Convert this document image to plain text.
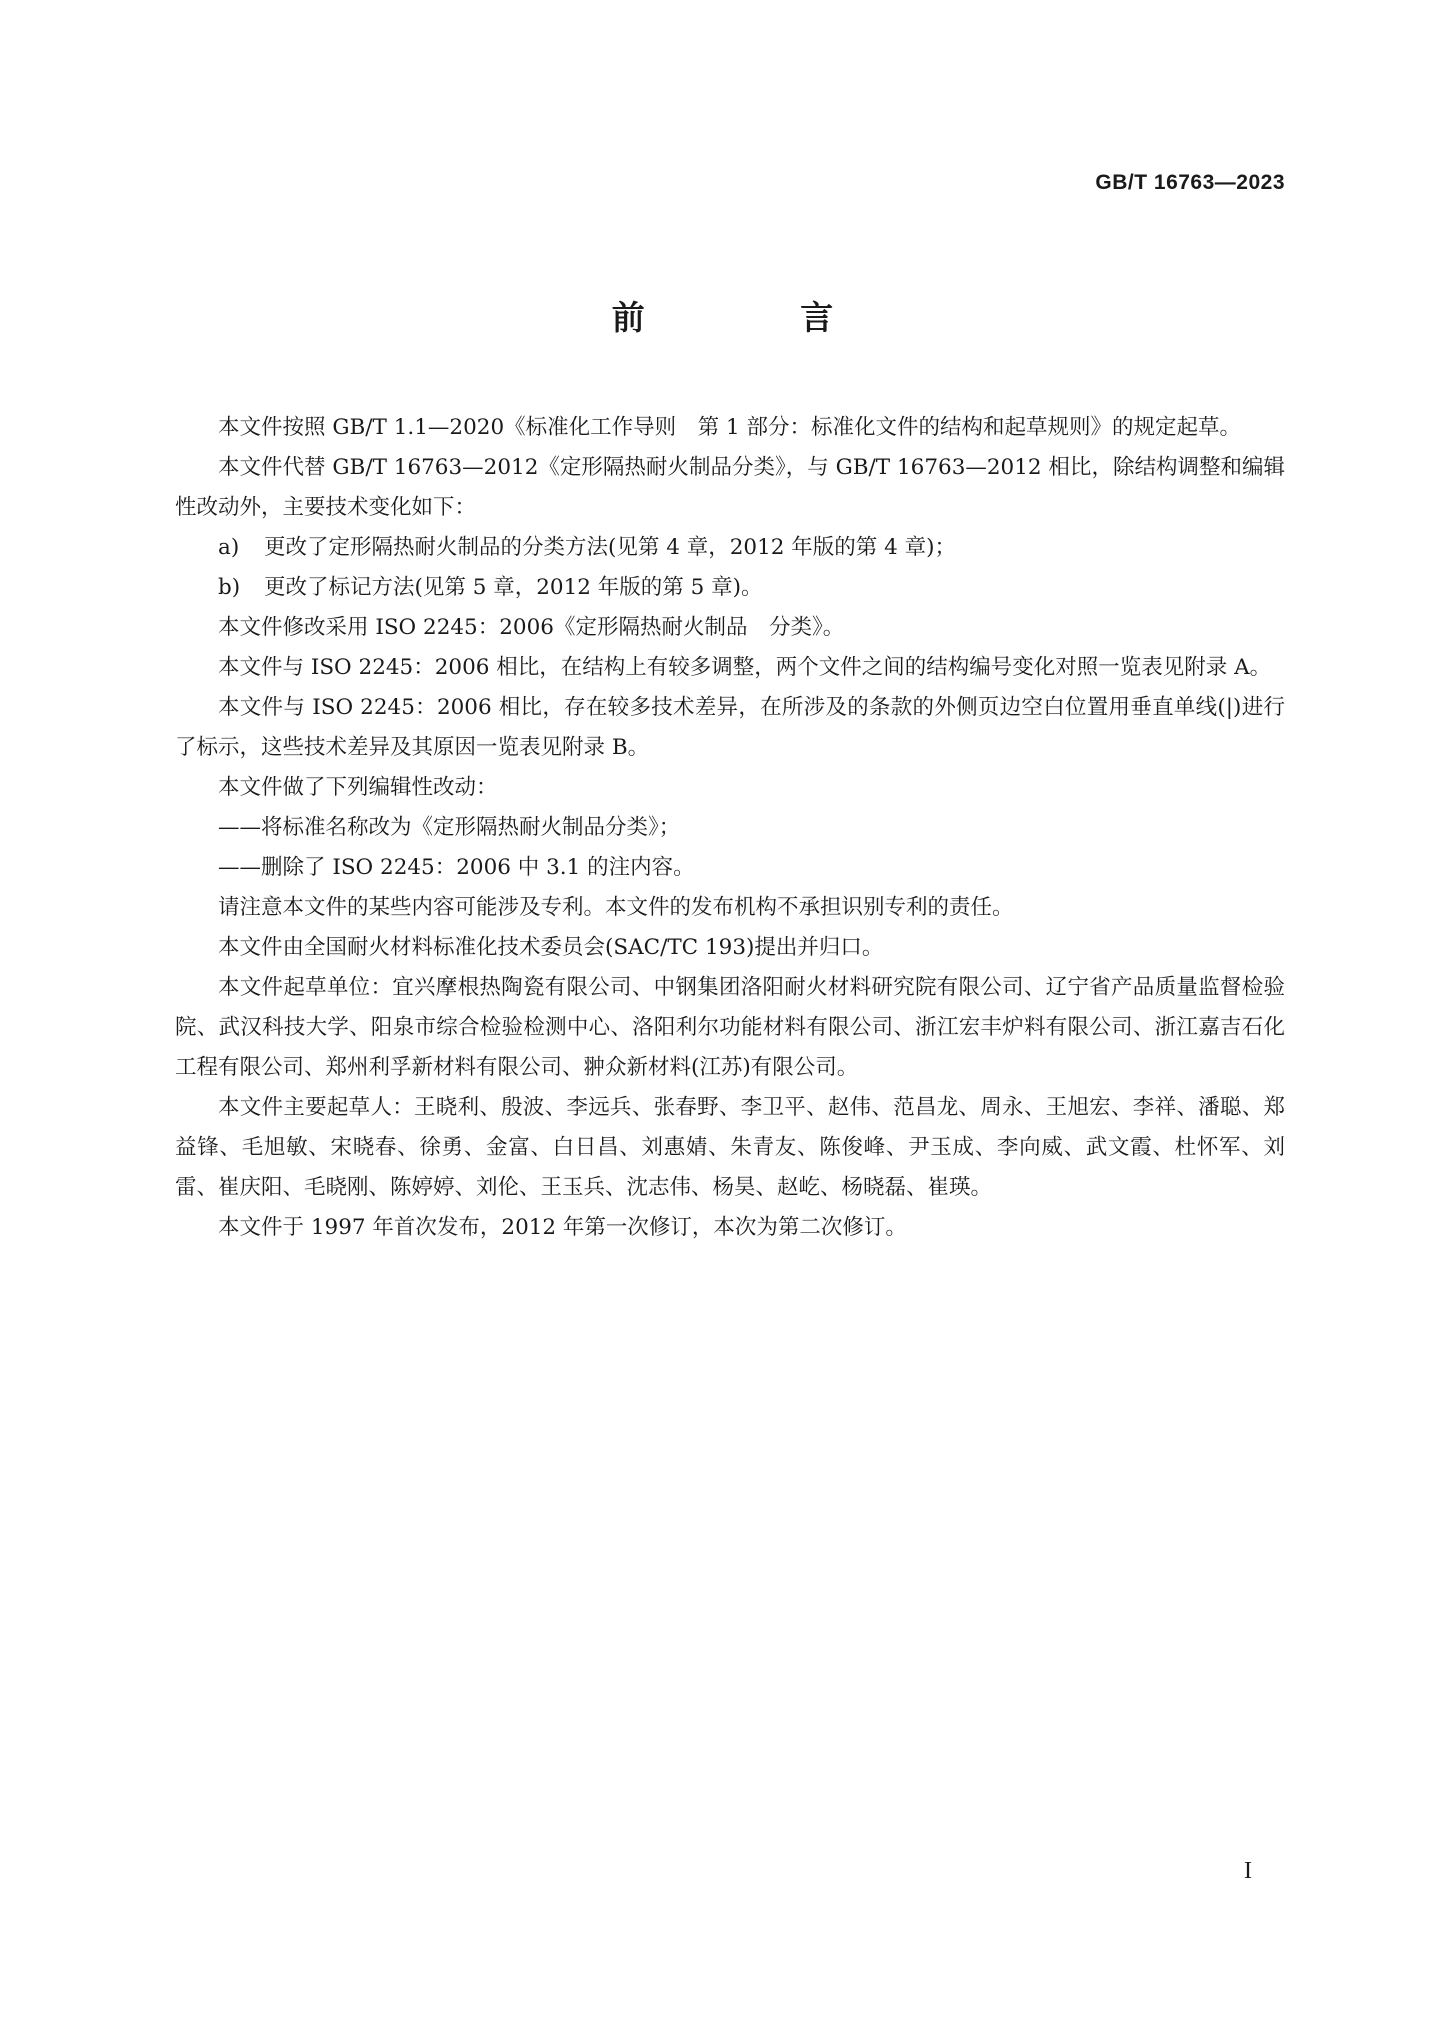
GB/T 16763—2023

前 言

本文件按照 GB/T 1.1—2020《标准化工作导则　第 1 部分：标准化文件的结构和起草规则》的规定起草。

本文件代替 GB/T 16763—2012《定形隔热耐火制品分类》，与 GB/T 16763—2012 相比，除结构调整和编辑性改动外，主要技术变化如下：

a) 更改了定形隔热耐火制品的分类方法(见第 4 章，2012 年版的第 4 章)；

b) 更改了标记方法(见第 5 章，2012 年版的第 5 章)。

本文件修改采用 ISO 2245：2006《定形隔热耐火制品　分类》。

本文件与 ISO 2245：2006 相比，在结构上有较多调整，两个文件之间的结构编号变化对照一览表见附录 A。

本文件与 ISO 2245：2006 相比，存在较多技术差异，在所涉及的条款的外侧页边空白位置用垂直单线(|)进行了标示，这些技术差异及其原因一览表见附录 B。

本文件做了下列编辑性改动：

——将标准名称改为《定形隔热耐火制品分类》；

——删除了 ISO 2245：2006 中 3.1 的注内容。

请注意本文件的某些内容可能涉及专利。本文件的发布机构不承担识别专利的责任。

本文件由全国耐火材料标准化技术委员会(SAC/TC 193)提出并归口。

本文件起草单位：宜兴摩根热陶瓷有限公司、中钢集团洛阳耐火材料研究院有限公司、辽宁省产品质量监督检验院、武汉科技大学、阳泉市综合检验检测中心、洛阳利尔功能材料有限公司、浙江宏丰炉料有限公司、浙江嘉吉石化工程有限公司、郑州利孚新材料有限公司、翀众新材料(江苏)有限公司。

本文件主要起草人：王晓利、殷波、李远兵、张春野、李卫平、赵伟、范昌龙、周永、王旭宏、李祥、潘聪、郑益锋、毛旭敏、宋晓春、徐勇、金富、白日昌、刘惠婧、朱青友、陈俊峰、尹玉成、李向威、武文霞、杜怀军、刘雷、崔庆阳、毛晓刚、陈婷婷、刘伦、王玉兵、沈志伟、杨昊、赵屹、杨晓磊、崔瑛。

本文件于 1997 年首次发布，2012 年第一次修订，本次为第二次修订。

I
